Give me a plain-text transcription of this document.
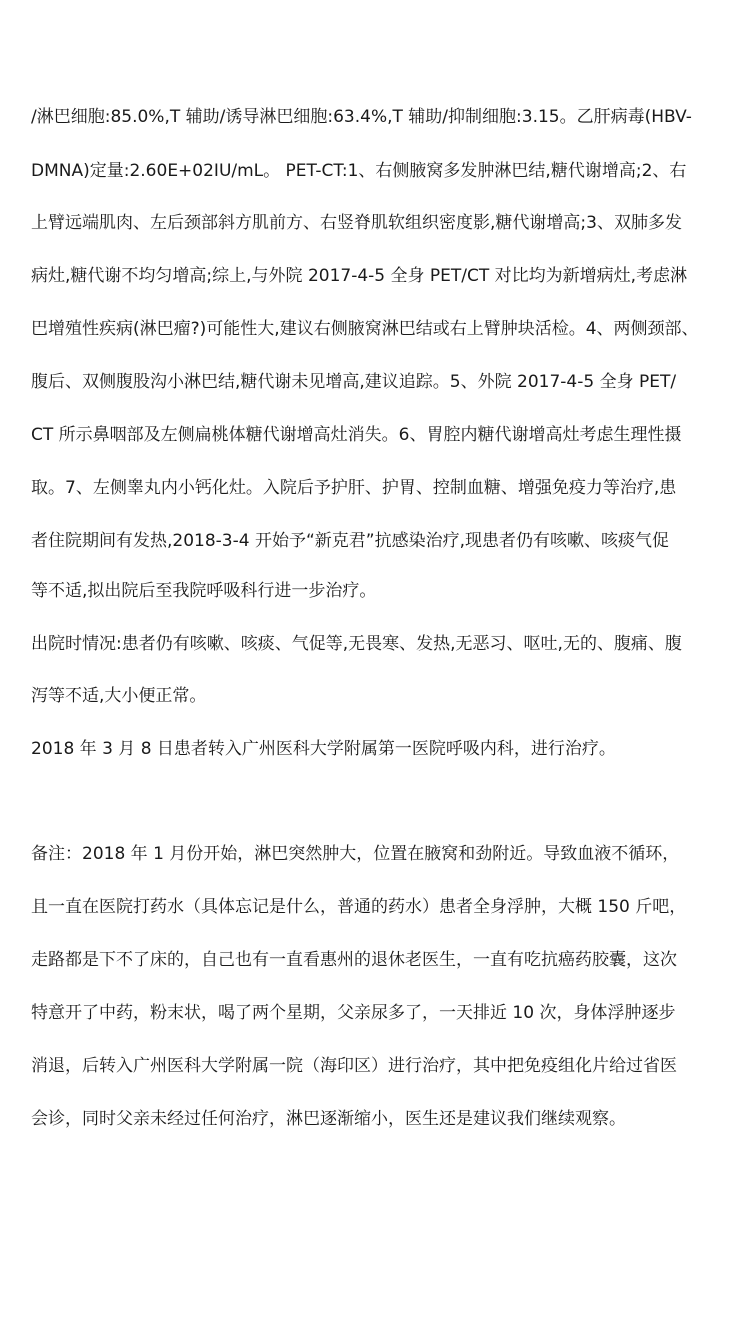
/淋巴细胞:85.0%,T 辅助/诱导淋巴细胞:63.4%,T 辅助/抑制细胞:3.15。乙肝病毒(HBV-
DMNA)定量:2.60E+02IU/mL。 PET-CT:1、右侧腋窝多发肿淋巴结,糖代谢增高;2、右
上臂远端肌肉、左后颈部斜方肌前方、右竖脊肌软组织密度影,糖代谢增高;3、双肺多发
病灶,糖代谢不均匀增高;综上,与外院 2017-4-5 全身 PET/CT 对比均为新增病灶,考虑淋
巴增殖性疾病(淋巴瘤?)可能性大,建议右侧腋窝淋巴结或右上臂肿块活检。4、两侧颈部、
腹后、双侧腹股沟小淋巴结,糖代谢未见增高,建议追踪。5、外院 2017-4-5 全身 PET/
CT 所示鼻咽部及左侧扁桃体糖代谢增高灶消失。6、胃腔内糖代谢增高灶考虑生理性摄
取。7、左侧睾丸内小钙化灶。入院后予护肝、护胃、控制血糖、增强免疫力等治疗,患
者住院期间有发热,2018-3-4 开始予“新克君”抗感染治疗,现患者仍有咳嗽、咳痰气促
等不适,拟出院后至我院呼吸科行进一步治疗。
出院时情况:患者仍有咳嗽、咳痰、气促等,无畏寒、发热,无恶习、呕吐,无的、腹痛、腹
泻等不适,大小便正常。
2018 年 3 月 8 日患者转入广州医科大学附属第一医院呼吸内科，进行治疗。
备注：2018 年 1 月份开始，淋巴突然肿大，位置在腋窝和劲附近。导致血液不循环，
且一直在医院打药水（具体忘记是什么，普通的药水）患者全身浮肿，大概 150 斤吧，
走路都是下不了床的，自己也有一直看惠州的退休老医生，一直有吃抗癌药胶囊，这次
特意开了中药，粉末状，喝了两个星期，父亲尿多了，一天排近 10 次，身体浮肿逐步
消退，后转入广州医科大学附属一院（海印区）进行治疗，其中把免疫组化片给过省医
会诊，同时父亲未经过任何治疗，淋巴逐渐缩小，医生还是建议我们继续观察。
